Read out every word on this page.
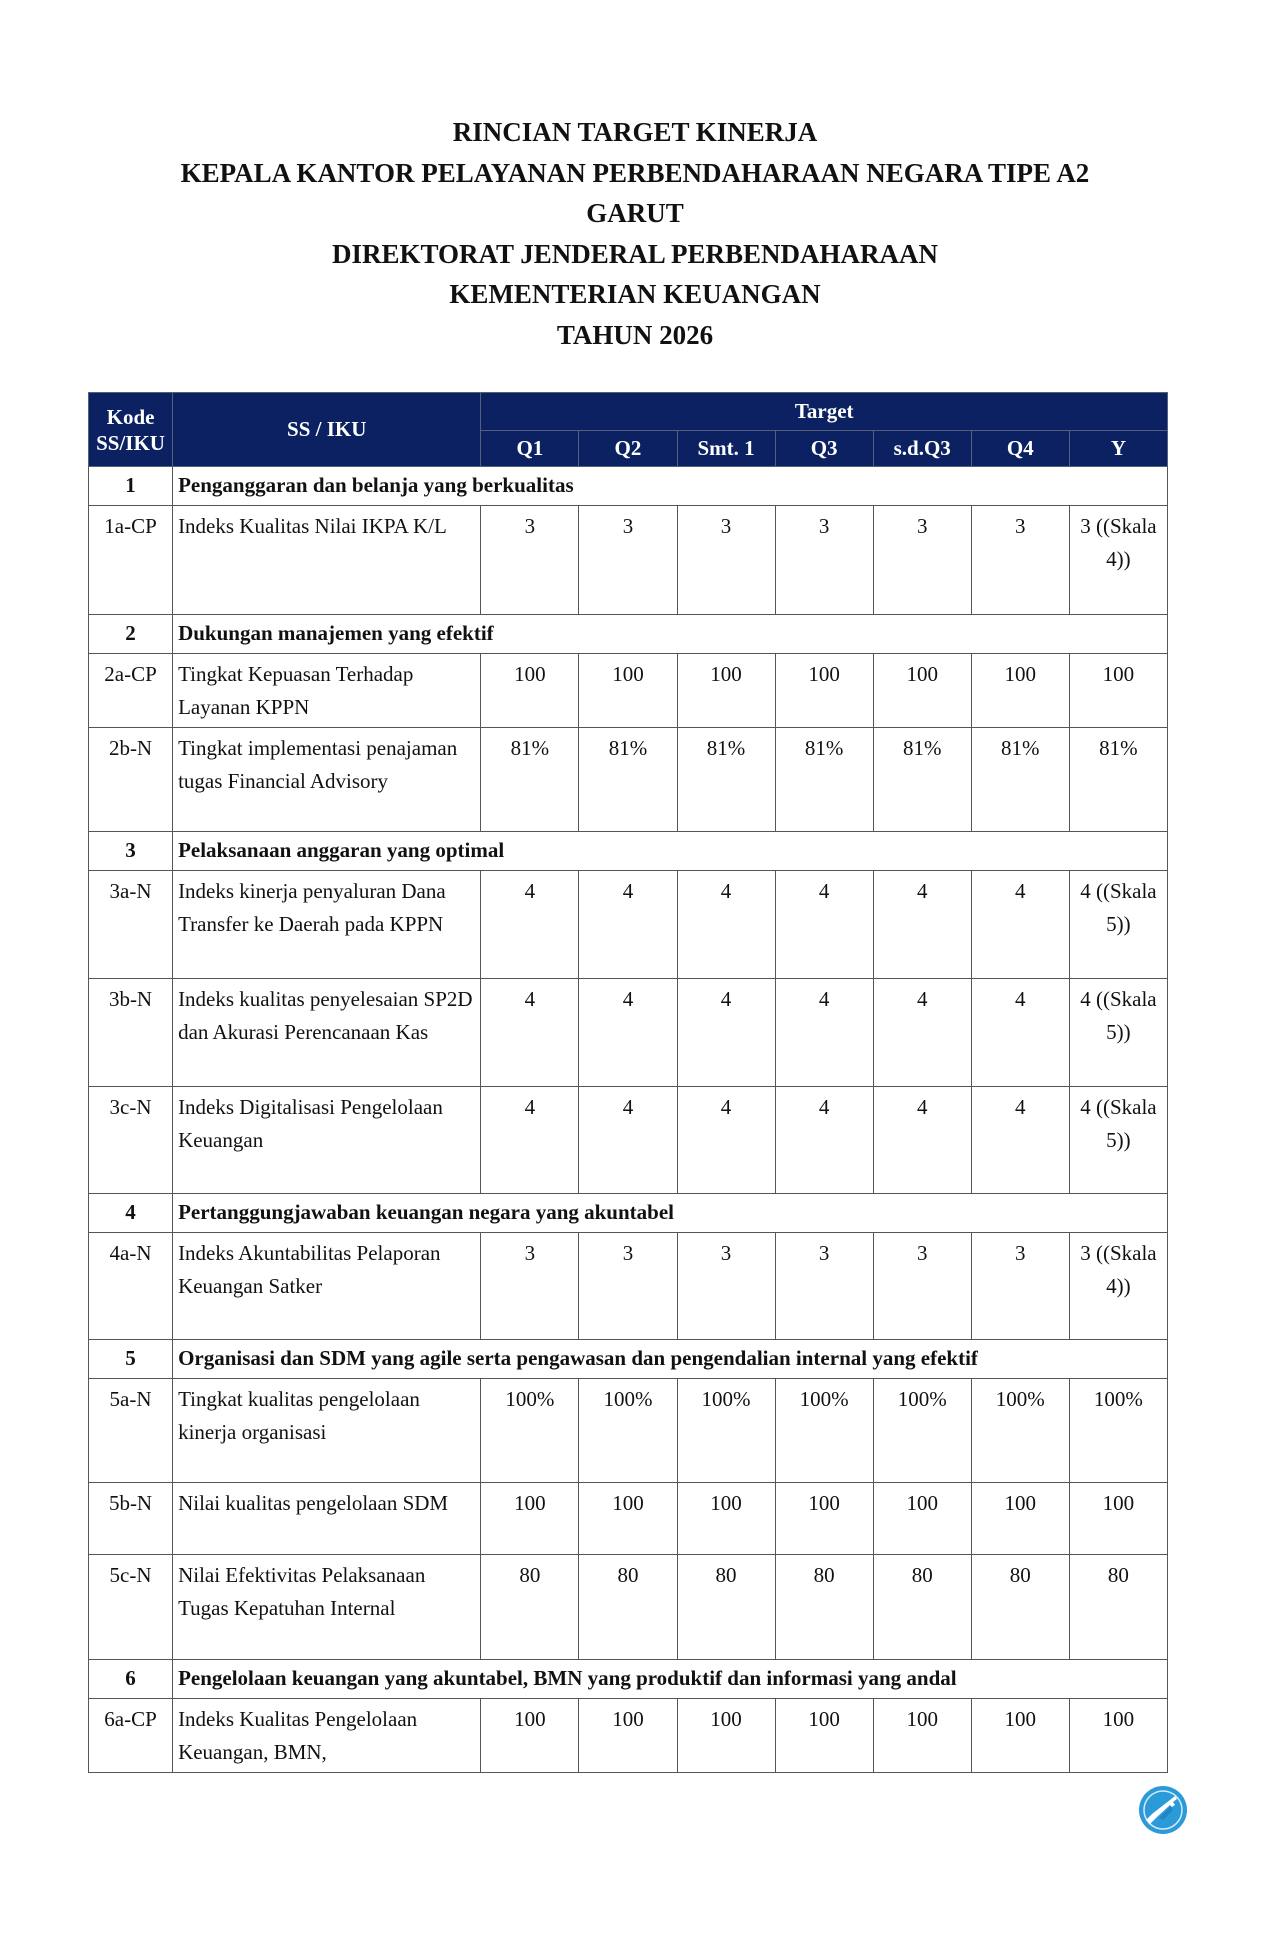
RINCIAN TARGET KINERJA
KEPALA KANTOR PELAYANAN PERBENDAHARAAN NEGARA TIPE A2
GARUT
DIREKTORAT JENDERAL PERBENDAHARAAN
KEMENTERIAN KEUANGAN
TAHUN 2026
Kode SS/IKU	SS / IKU	Target						
		Q1	Q2	Smt. 1	Q3	s.d.Q3	Q4	Y
1	Penganggaran dan belanja yang berkualitas							
1a-CP	Indeks Kualitas Nilai IKPA K/L	3	3	3	3	3	3	3 ((Skala 4))
2	Dukungan manajemen yang efektif							
2a-CP	Tingkat Kepuasan Terhadap Layanan KPPN	100	100	100	100	100	100	100
2b-N	Tingkat implementasi penajaman tugas Financial Advisory	81%	81%	81%	81%	81%	81%	81%
3	Pelaksanaan anggaran yang optimal							
3a-N	Indeks kinerja penyaluran Dana Transfer ke Daerah pada KPPN	4	4	4	4	4	4	4 ((Skala 5))
3b-N	Indeks kualitas penyelesaian SP2D dan Akurasi Perencanaan Kas	4	4	4	4	4	4	4 ((Skala 5))
3c-N	Indeks Digitalisasi Pengelolaan Keuangan	4	4	4	4	4	4	4 ((Skala 5))
4	Pertanggungjawaban keuangan negara yang akuntabel							
4a-N	Indeks Akuntabilitas Pelaporan Keuangan Satker	3	3	3	3	3	3	3 ((Skala 4))
5	Organisasi dan SDM yang agile serta pengawasan dan pengendalian internal yang efektif							
5a-N	Tingkat kualitas pengelolaan kinerja organisasi	100%	100%	100%	100%	100%	100%	100%
5b-N	Nilai kualitas pengelolaan SDM	100	100	100	100	100	100	100
5c-N	Nilai Efektivitas Pelaksanaan Tugas Kepatuhan Internal	80	80	80	80	80	80	80
6	Pengelolaan keuangan yang akuntabel, BMN yang produktif dan informasi yang andal							
6a-CP	Indeks Kualitas Pengelolaan Keuangan, BMN,	100	100	100	100	100	100	100
